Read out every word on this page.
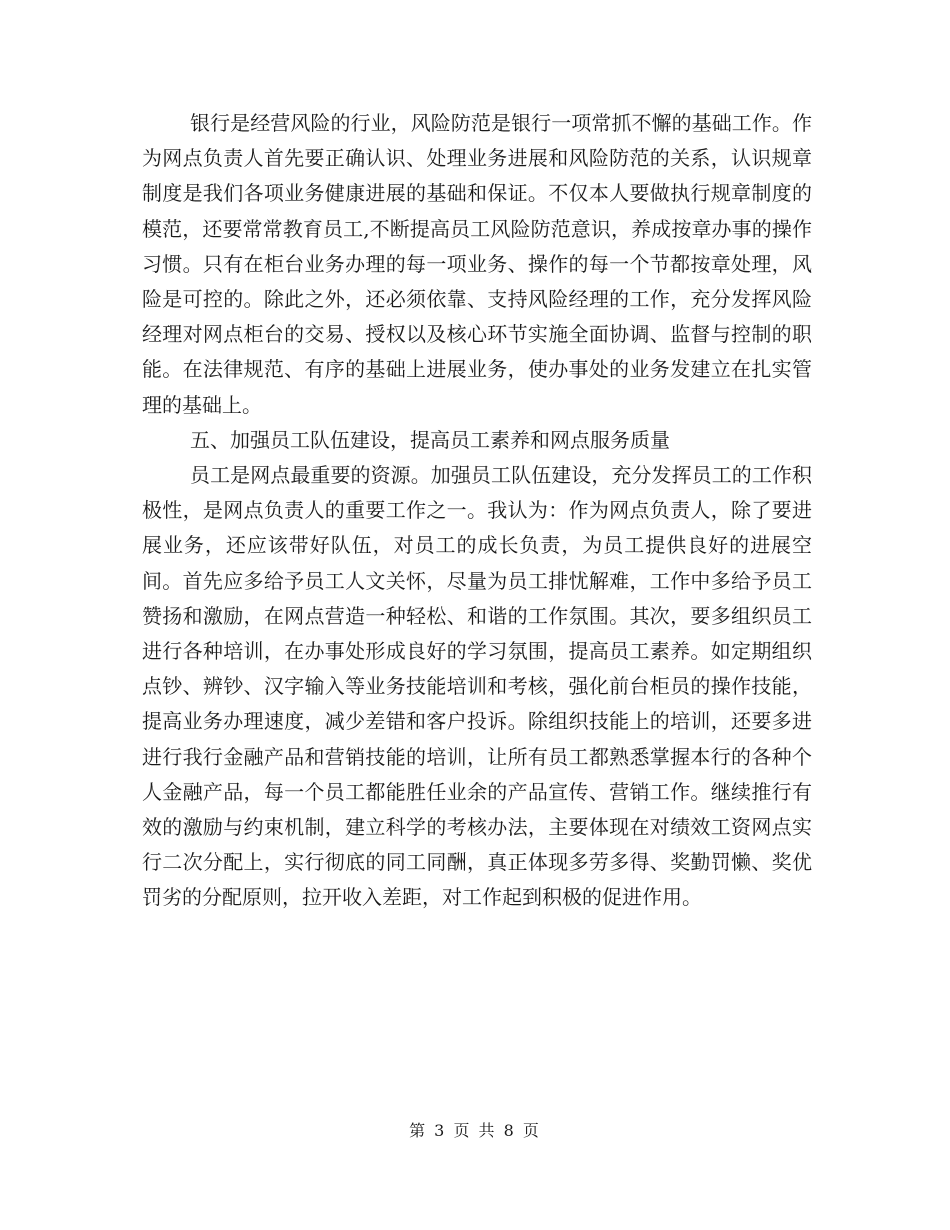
银行是经营风险的行业，风险防范是银行一项常抓不懈的基础工作。作为网点负责人首先要正确认识、处理业务进展和风险防范的关系，认识规章制度是我们各项业务健康进展的基础和保证。不仅本人要做执行规章制度的模范，还要常常教育员工,不断提高员工风险防范意识，养成按章办事的操作习惯。只有在柜台业务办理的每一项业务、操作的每一个节都按章处理，风险是可控的。除此之外，还必须依靠、支持风险经理的工作，充分发挥风险经理对网点柜台的交易、授权以及核心环节实施全面协调、监督与控制的职能。在法律规范、有序的基础上进展业务，使办事处的业务发建立在扎实管理的基础上。

五、加强员工队伍建设，提高员工素养和网点服务质量

员工是网点最重要的资源。加强员工队伍建设，充分发挥员工的工作积极性，是网点负责人的重要工作之一。我认为：作为网点负责人，除了要进展业务，还应该带好队伍，对员工的成长负责，为员工提供良好的进展空间。首先应多给予员工人文关怀，尽量为员工排忧解难，工作中多给予员工赞扬和激励，在网点营造一种轻松、和谐的工作氛围。其次，要多组织员工进行各种培训，在办事处形成良好的学习氛围，提高员工素养。如定期组织点钞、辨钞、汉字输入等业务技能培训和考核，强化前台柜员的操作技能，提高业务办理速度，减少差错和客户投诉。除组织技能上的培训，还要多进进行我行金融产品和营销技能的培训，让所有员工都熟悉掌握本行的各种个人金融产品，每一个员工都能胜任业余的产品宣传、营销工作。继续推行有效的激励与约束机制，建立科学的考核办法，主要体现在对绩效工资网点实行二次分配上，实行彻底的同工同酬，真正体现多劳多得、奖勤罚懒、奖优罚劣的分配原则，拉开收入差距，对工作起到积极的促进作用。

第 3 页 共 8 页
